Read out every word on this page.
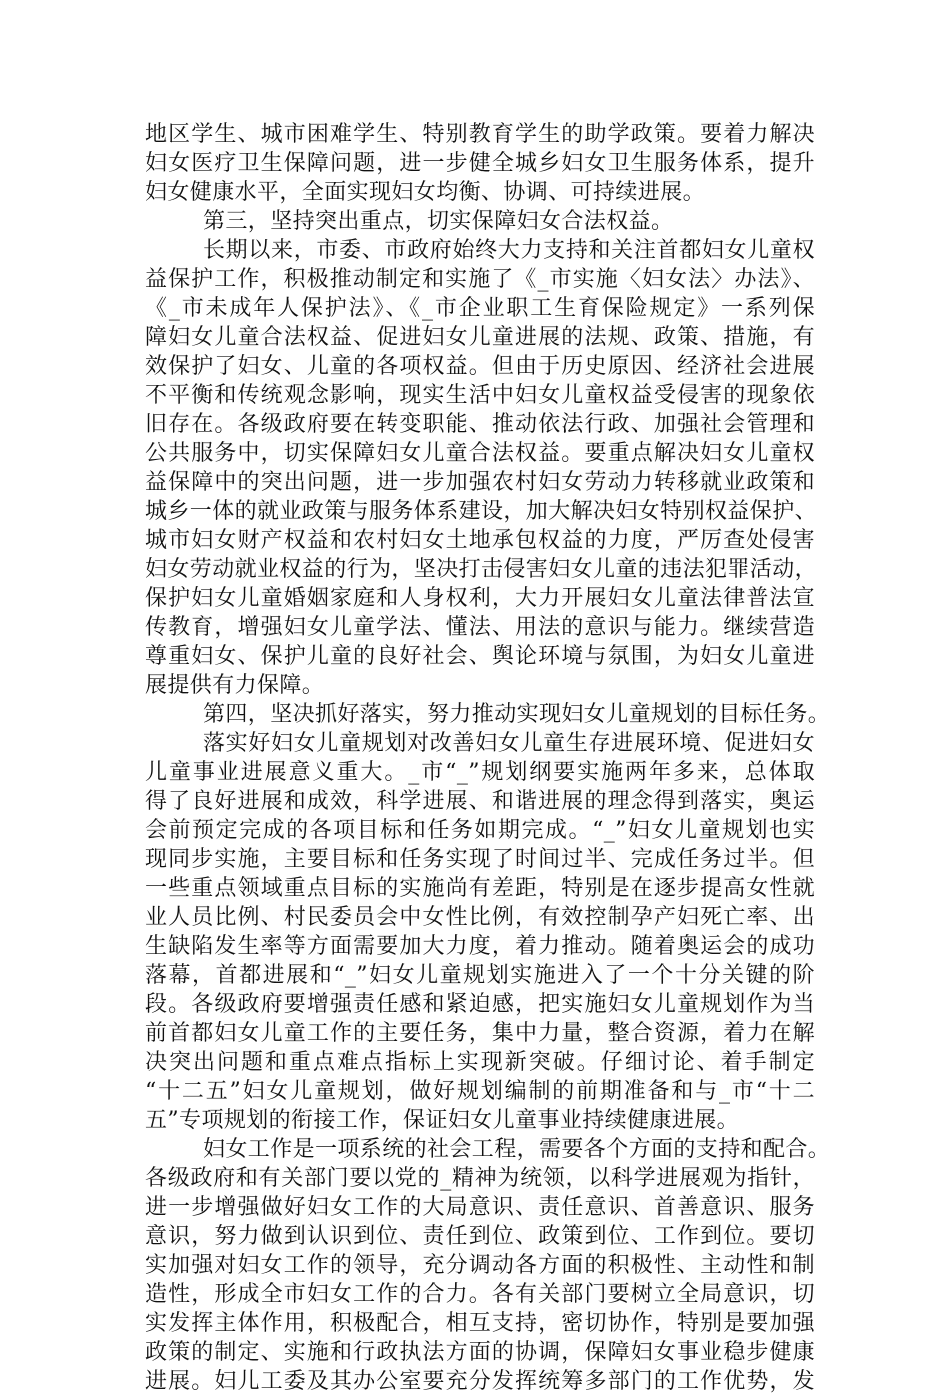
地区学生、城市困难学生、特别教育学生的助学政策。要着力解决
妇女医疗卫生保障问题，进一步健全城乡妇女卫生服务体系，提升
妇女健康水平，全面实现妇女均衡、协调、可持续进展。
第三，坚持突出重点，切实保障妇女合法权益。
长期以来，市委、市政府始终大力支持和关注首都妇女儿童权
益保护工作，积极推动制定和实施了《_市实施〈妇女法〉办法》、
《_市未成年人保护法》、《_市企业职工生育保险规定》一系列保
障妇女儿童合法权益、促进妇女儿童进展的法规、政策、措施，有
效保护了妇女、儿童的各项权益。但由于历史原因、经济社会进展
不平衡和传统观念影响，现实生活中妇女儿童权益受侵害的现象依
旧存在。各级政府要在转变职能、推动依法行政、加强社会管理和
公共服务中，切实保障妇女儿童合法权益。要重点解决妇女儿童权
益保障中的突出问题，进一步加强农村妇女劳动力转移就业政策和
城乡一体的就业政策与服务体系建设，加大解决妇女特别权益保护、
城市妇女财产权益和农村妇女土地承包权益的力度，严厉查处侵害
妇女劳动就业权益的行为，坚决打击侵害妇女儿童的违法犯罪活动，
保护妇女儿童婚姻家庭和人身权利，大力开展妇女儿童法律普法宣
传教育，增强妇女儿童学法、懂法、用法的意识与能力。继续营造
尊重妇女、保护儿童的良好社会、舆论环境与氛围，为妇女儿童进
展提供有力保障。
第四，坚决抓好落实，努力推动实现妇女儿童规划的目标任务。
落实好妇女儿童规划对改善妇女儿童生存进展环境、促进妇女
儿童事业进展意义重大。_市“_”规划纲要实施两年多来，总体取
得了良好进展和成效，科学进展、和谐进展的理念得到落实，奥运
会前预定完成的各项目标和任务如期完成。“_”妇女儿童规划也实
现同步实施，主要目标和任务实现了时间过半、完成任务过半。但
一些重点领域重点目标的实施尚有差距，特别是在逐步提高女性就
业人员比例、村民委员会中女性比例，有效控制孕产妇死亡率、出
生缺陷发生率等方面需要加大力度，着力推动。随着奥运会的成功
落幕，首都进展和“_”妇女儿童规划实施进入了一个十分关键的阶
段。各级政府要增强责任感和紧迫感，把实施妇女儿童规划作为当
前首都妇女儿童工作的主要任务，集中力量，整合资源，着力在解
决突出问题和重点难点指标上实现新突破。仔细讨论、着手制定
“十二五”妇女儿童规划，做好规划编制的前期准备和与_市“十二
五”专项规划的衔接工作，保证妇女儿童事业持续健康进展。
妇女工作是一项系统的社会工程，需要各个方面的支持和配合。
各级政府和有关部门要以党的_精神为统领，以科学进展观为指针，
进一步增强做好妇女工作的大局意识、责任意识、首善意识、服务
意识，努力做到认识到位、责任到位、政策到位、工作到位。要切
实加强对妇女工作的领导，充分调动各方面的积极性、主动性和制
造性，形成全市妇女工作的合力。各有关部门要树立全局意识，切
实发挥主体作用，积极配合，相互支持，密切协作，特别是要加强
政策的制定、实施和行政执法方面的协调，保障妇女事业稳步健康
进展。妇儿工委及其办公室要充分发挥统筹多部门的工作优势，发
